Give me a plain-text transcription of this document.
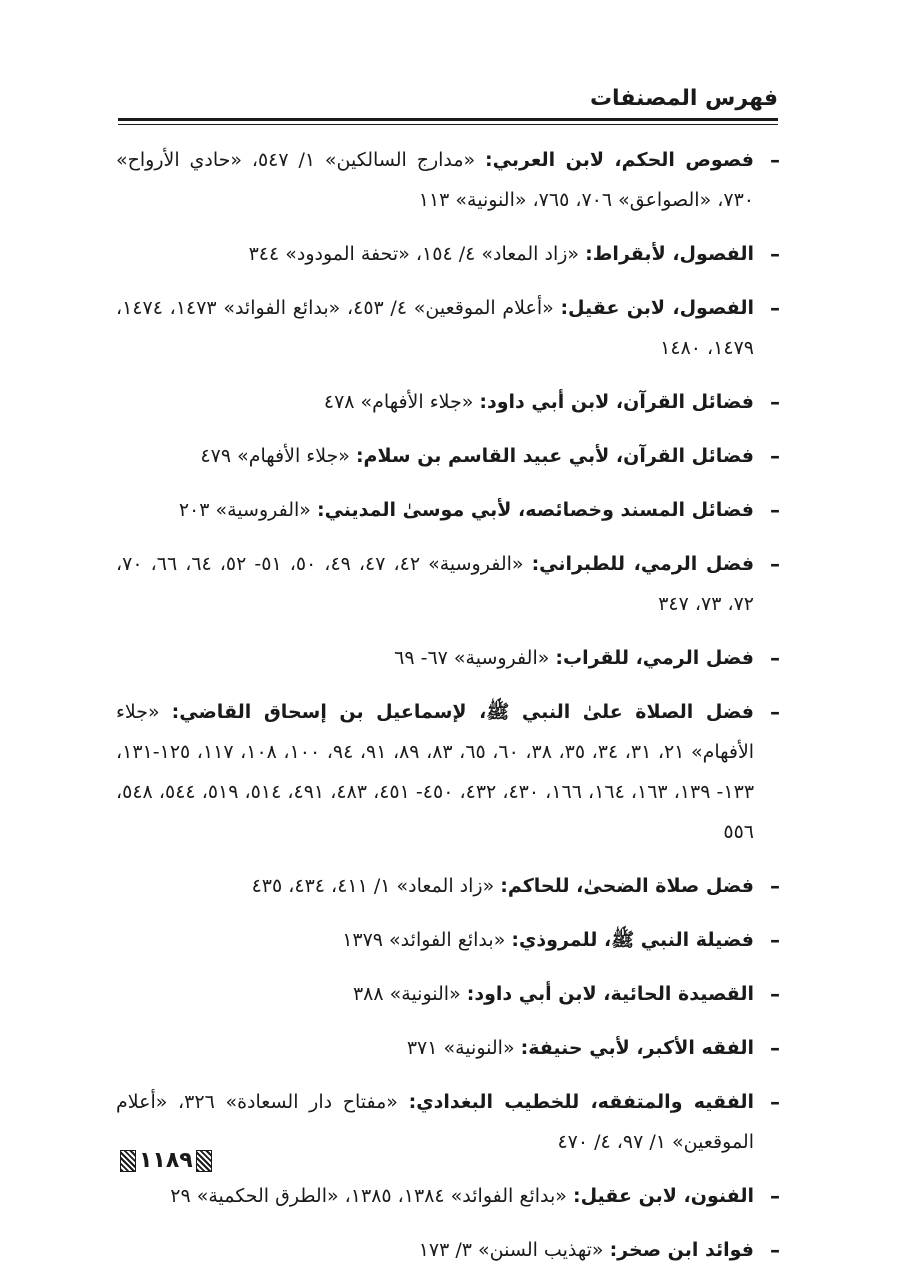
فهرس المصنفات
–
فصوص الحكم، لابن العربي: «مدارج السالكين» ١/ ٥٤٧، «حادي الأرواح» ٧٣٠، «الصواعق» ٧٠٦، ٧٦٥، «النونية» ١١٣
–
الفصول، لأبقراط: «زاد المعاد» ٤/ ١٥٤، «تحفة المودود» ٣٤٤
–
الفصول، لابن عقيل: «أعلام الموقعين» ٤/ ٤٥٣، «بدائع الفوائد» ١٤٧٣، ١٤٧٤، ١٤٧٩، ١٤٨٠
–
فضائل القرآن، لابن أبي داود: «جلاء الأفهام» ٤٧٨
–
فضائل القرآن، لأبي عبيد القاسم بن سلام: «جلاء الأفهام» ٤٧٩
–
فضائل المسند وخصائصه، لأبي موسىٰ المديني: «الفروسية» ٢٠٣
–
فضل الرمي، للطبراني: «الفروسية» ٤٢، ٤٧، ٤٩، ٥٠، ٥١- ٥٢، ٦٤، ٦٦، ٧٠، ٧٢، ٧٣، ٣٤٧
–
فضل الرمي، للقراب: «الفروسية» ٦٧- ٦٩
–
فضل الصلاة علىٰ النبي ﷺ، لإسماعيل بن إسحاق القاضي: «جلاء الأفهام» ٢١، ٣١، ٣٤، ٣٥، ٣٨، ٦٠، ٦٥، ٨٣، ٨٩، ٩١، ٩٤، ١٠٠، ١٠٨، ١١٧، ١٢٥-١٣١، ١٣٣- ١٣٩، ١٦٣، ١٦٤، ١٦٦، ٤٣٠، ٤٣٢، ٤٥٠- ٤٥١، ٤٨٣، ٤٩١، ٥١٤، ٥١٩، ٥٤٤، ٥٤٨، ٥٥٦
–
فضل صلاة الضحىٰ، للحاكم: «زاد المعاد» ١/ ٤١١، ٤٣٤، ٤٣٥
–
فضيلة النبي ﷺ، للمروذي: «بدائع الفوائد» ١٣٧٩
–
القصيدة الحائية، لابن أبي داود: «النونية» ٣٨٨
–
الفقه الأكبر، لأبي حنيفة: «النونية» ٣٧١
–
الفقيه والمتفقه، للخطيب البغدادي: «مفتاح دار السعادة» ٣٢٦، «أعلام الموقعين» ١/ ٩٧، ٤/ ٤٧٠
–
الفنون، لابن عقيل: «بدائع الفوائد» ١٣٨٤، ١٣٨٥، «الطرق الحكمية» ٢٩
–
فوائد ابن صخر: «تهذيب السنن» ٣/ ١٧٣
١١٨٩
